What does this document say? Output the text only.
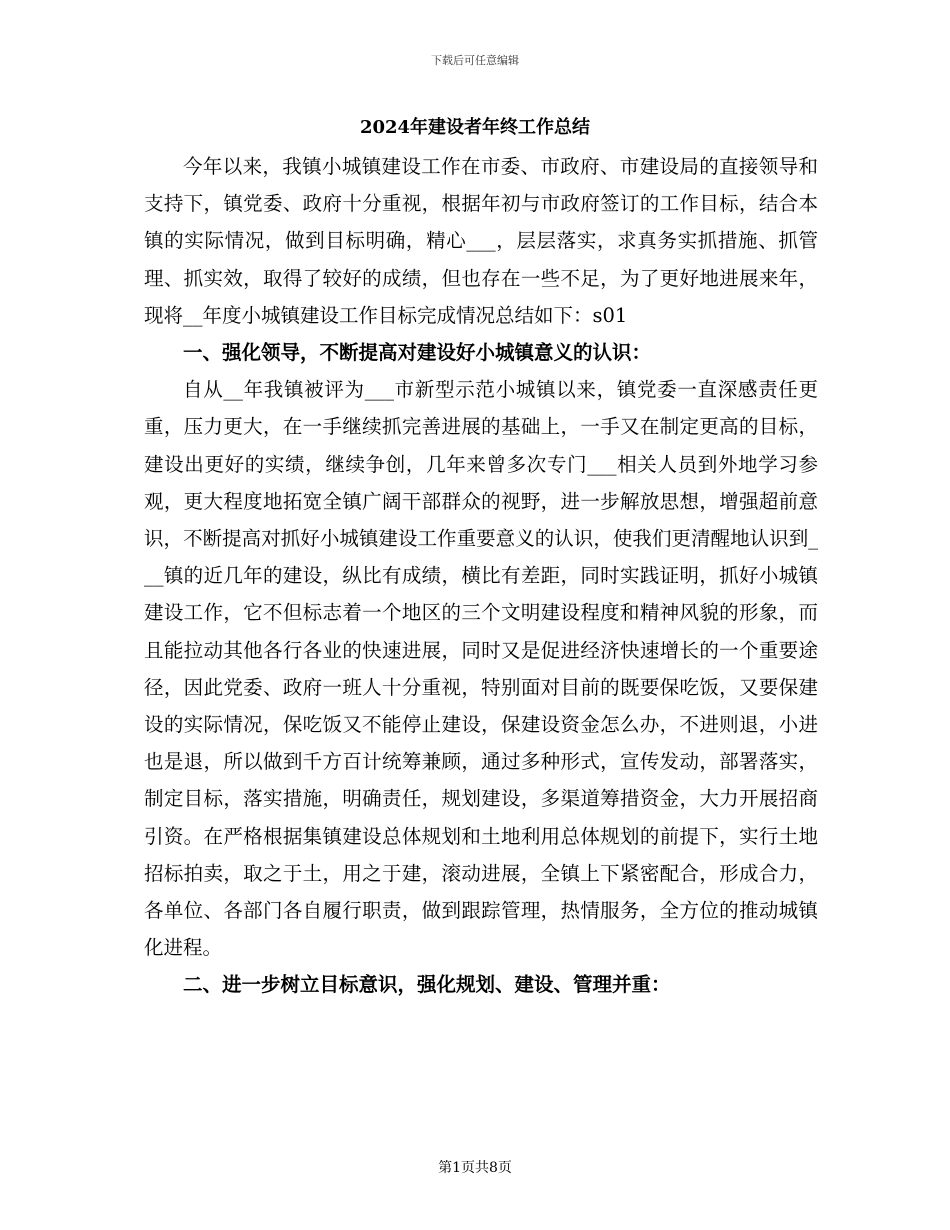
下载后可任意编辑
2024年建设者年终工作总结

今年以来，我镇小城镇建设工作在市委、市政府、市建设局的直接领导和支持下，镇党委、政府十分重视，根据年初与市政府签订的工作目标，结合本镇的实际情况，做到目标明确，精心___，层层落实，求真务实抓措施、抓管理、抓实效，取得了较好的成绩，但也存在一些不足，为了更好地进展来年，现将__年度小城镇建设工作目标完成情况总结如下：s01

一、强化领导，不断提高对建设好小城镇意义的认识：

自从__年我镇被评为___市新型示范小城镇以来，镇党委一直深感责任更重，压力更大，在一手继续抓完善进展的基础上，一手又在制定更高的目标，建设出更好的实绩，继续争创，几年来曾多次专门___相关人员到外地学习参观，更大程度地拓宽全镇广阔干部群众的视野，进一步解放思想，增强超前意识，不断提高对抓好小城镇建设工作重要意义的认识，使我们更清醒地认识到___镇的近几年的建设，纵比有成绩，横比有差距，同时实践证明，抓好小城镇建设工作，它不但标志着一个地区的三个文明建设程度和精神风貌的形象，而且能拉动其他各行各业的快速进展，同时又是促进经济快速增长的一个重要途径，因此党委、政府一班人十分重视，特别面对目前的既要保吃饭，又要保建设的实际情况，保吃饭又不能停止建设，保建设资金怎么办，不进则退，小进也是退，所以做到千方百计统筹兼顾，通过多种形式，宣传发动，部署落实，制定目标，落实措施，明确责任，规划建设，多渠道筹措资金，大力开展招商引资。在严格根据集镇建设总体规划和土地利用总体规划的前提下，实行土地招标拍卖，取之于土，用之于建，滚动进展，全镇上下紧密配合，形成合力，各单位、各部门各自履行职责，做到跟踪管理，热情服务，全方位的推动城镇化进程。

二、进一步树立目标意识，强化规划、建设、管理并重：

第1页共8页
